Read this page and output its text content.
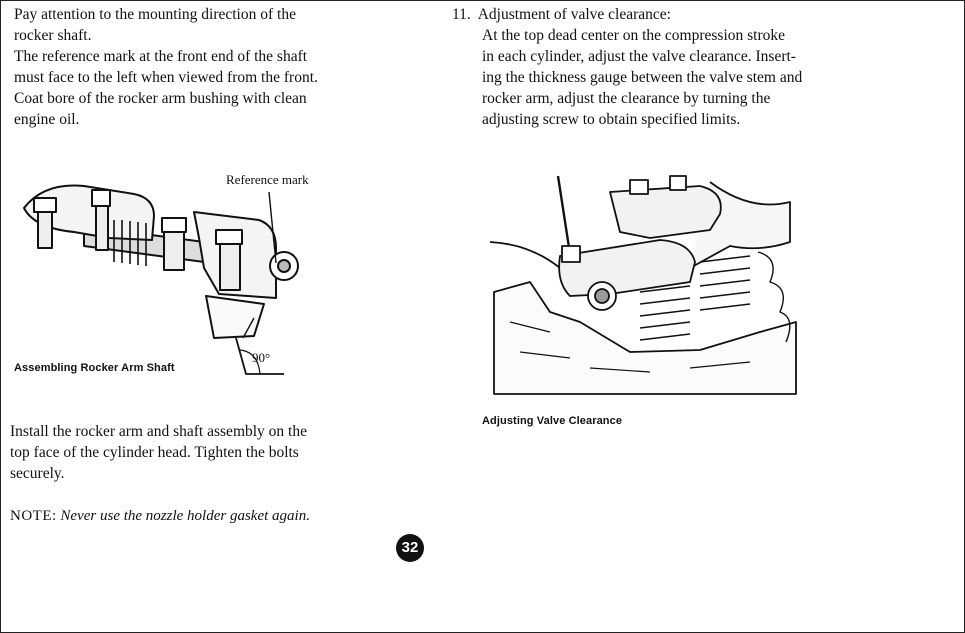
Pay attention to the mounting direction of the

rocker shaft.

The reference mark at the front end of the shaft

must face to the left when viewed from the front.

Coat bore of the rocker arm bushing with clean

engine oil.

Reference mark
90°
Assembling Rocker Arm Shaft

Install the rocker arm and shaft assembly on the

top face of the cylinder head. Tighten the bolts

securely.

NOTE: Never use the nozzle holder gasket again.
32

11. Adjustment of valve clearance:

At the top dead center on the compression stroke

in each cylinder, adjust the valve clearance. Insert-

ing the thickness gauge between the valve stem and

rocker arm, adjust the clearance by turning the

adjusting screw to obtain specified limits.

Adjusting Valve Clearance
